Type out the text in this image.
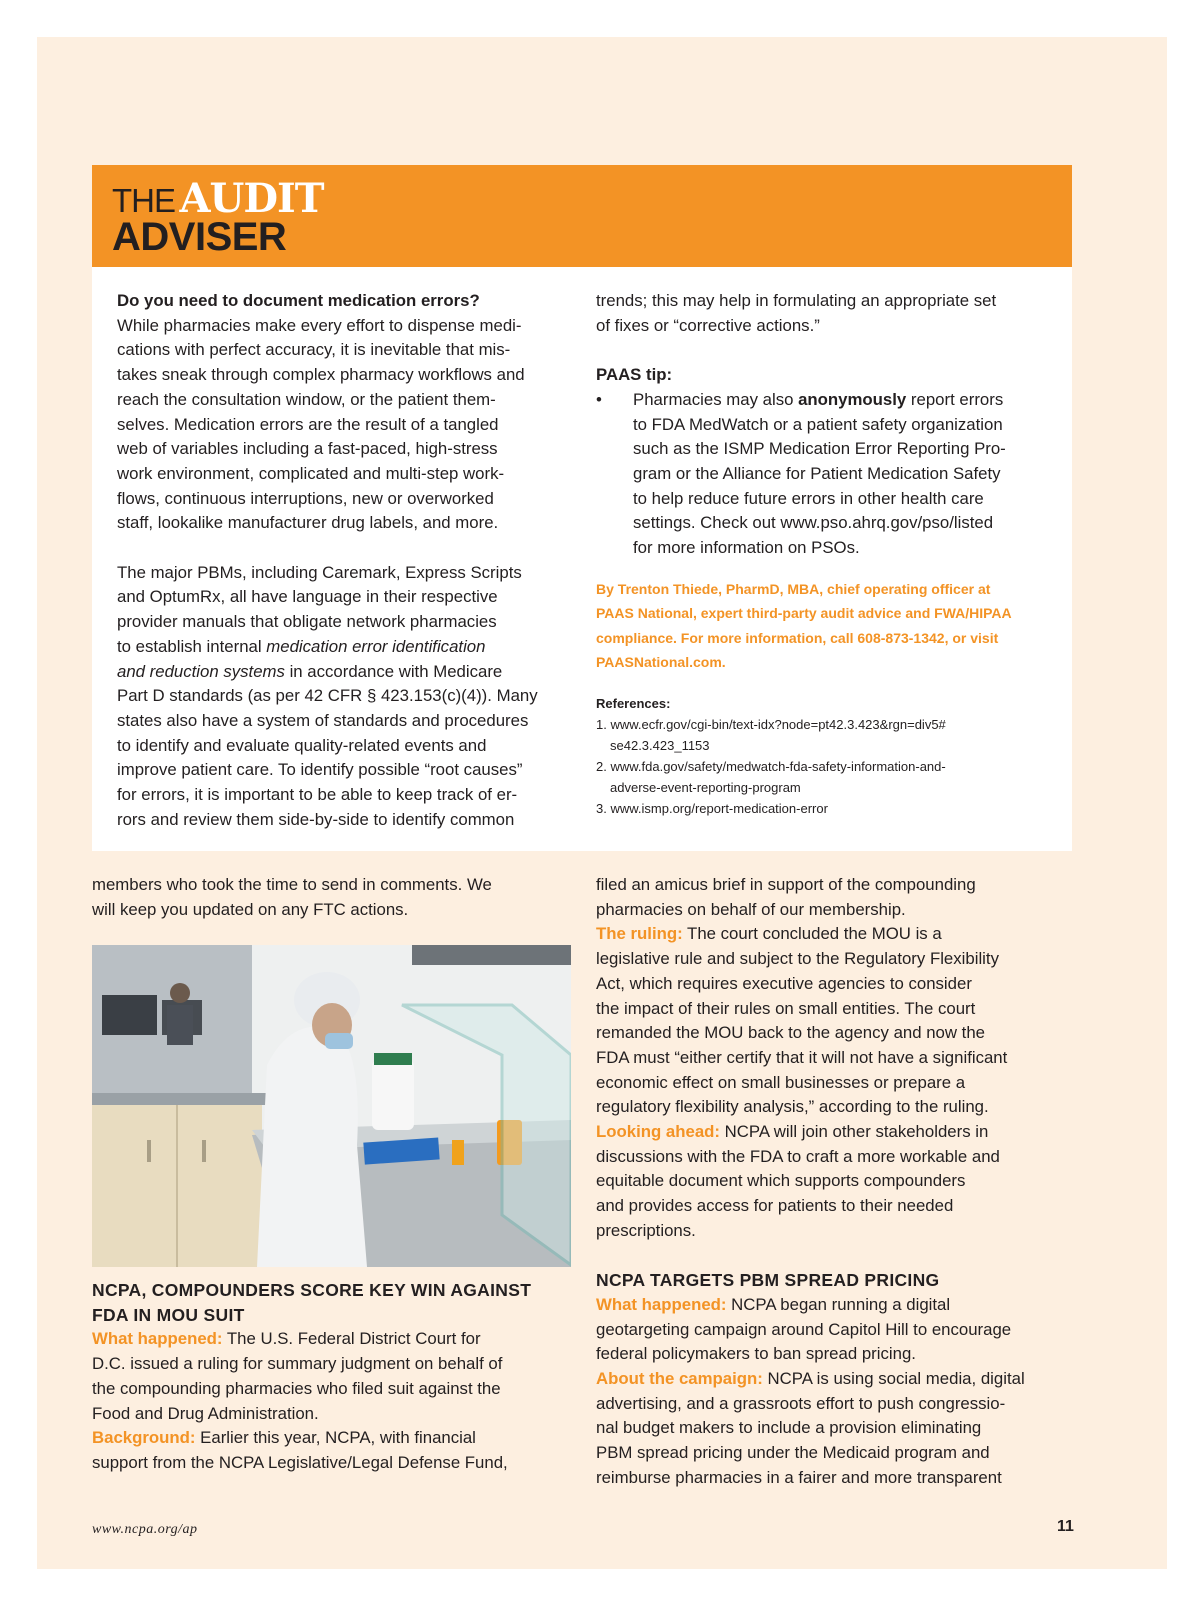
THE AUDIT
ADVISER

Do you need to document medication errors?

While pharmacies make every effort to dispense medi-
cations with perfect accuracy, it is inevitable that mis-
takes sneak through complex pharmacy workflows and
reach the consultation window, or the patient them-
selves. Medication errors are the result of a tangled
web of variables including a fast-paced, high-stress
work environment, complicated and multi-step work-
flows, continuous interruptions, new or overworked
staff, lookalike manufacturer drug labels, and more.

The major PBMs, including Caremark, Express Scripts
and OptumRx, all have language in their respective
provider manuals that obligate network pharmacies
to establish internal medication error identification
and reduction systems in accordance with Medicare
Part D standards (as per 42 CFR § 423.153(c)(4)). Many
states also have a system of standards and procedures
to identify and evaluate quality-related events and
improve patient care. To identify possible “root causes”
for errors, it is important to be able to keep track of er-
rors and review them side-by-side to identify common

trends; this may help in formulating an appropriate set
of fixes or “corrective actions.”

PAAS tip:

•	Pharmacies may also anonymously report errors
to FDA MedWatch or a patient safety organization
such as the ISMP Medication Error Reporting Pro-
gram or the Alliance for Patient Medication Safety
to help reduce future errors in other health care
settings. Check out www.pso.ahrq.gov/pso/listed
for more information on PSOs.

By Trenton Thiede, PharmD, MBA, chief operating officer at
PAAS National, expert third-party audit advice and FWA/HIPAA
compliance. For more information, call 608-873-1342, or visit
PAASNational.com.

References:

1. www.ecfr.gov/cgi-bin/text-idx?node=pt42.3.423&rgn=div5#
se42.3.423_1153

2. www.fda.gov/safety/medwatch-fda-safety-information-and-
adverse-event-reporting-program

3. www.ismp.org/report-medication-error

members who took the time to send in comments. We
will keep you updated on any FTC actions.

NCPA, COMPOUNDERS SCORE KEY WIN AGAINST
FDA IN MOU SUIT

What happened: The U.S. Federal District Court for
D.C. issued a ruling for summary judgment on behalf of
the compounding pharmacies who filed suit against the
Food and Drug Administration.

Background: Earlier this year, NCPA, with financial
support from the NCPA Legislative/Legal Defense Fund,

filed an amicus brief in support of the compounding
pharmacies on behalf of our membership.

The ruling: The court concluded the MOU is a
legislative rule and subject to the Regulatory Flexibility
Act, which requires executive agencies to consider
the impact of their rules on small entities. The court
remanded the MOU back to the agency and now the
FDA must “either certify that it will not have a significant
economic effect on small businesses or prepare a
regulatory flexibility analysis,” according to the ruling.

Looking ahead: NCPA will join other stakeholders in
discussions with the FDA to craft a more workable and
equitable document which supports compounders
and provides access for patients to their needed
prescriptions.

NCPA TARGETS PBM SPREAD PRICING

What happened: NCPA began running a digital
geotargeting campaign around Capitol Hill to encourage
federal policymakers to ban spread pricing.

About the campaign: NCPA is using social media, digital
advertising, and a grassroots effort to push congressio-
nal budget makers to include a provision eliminating
PBM spread pricing under the Medicaid program and
reimburse pharmacies in a fairer and more transparent

www.ncpa.org/ap	11
